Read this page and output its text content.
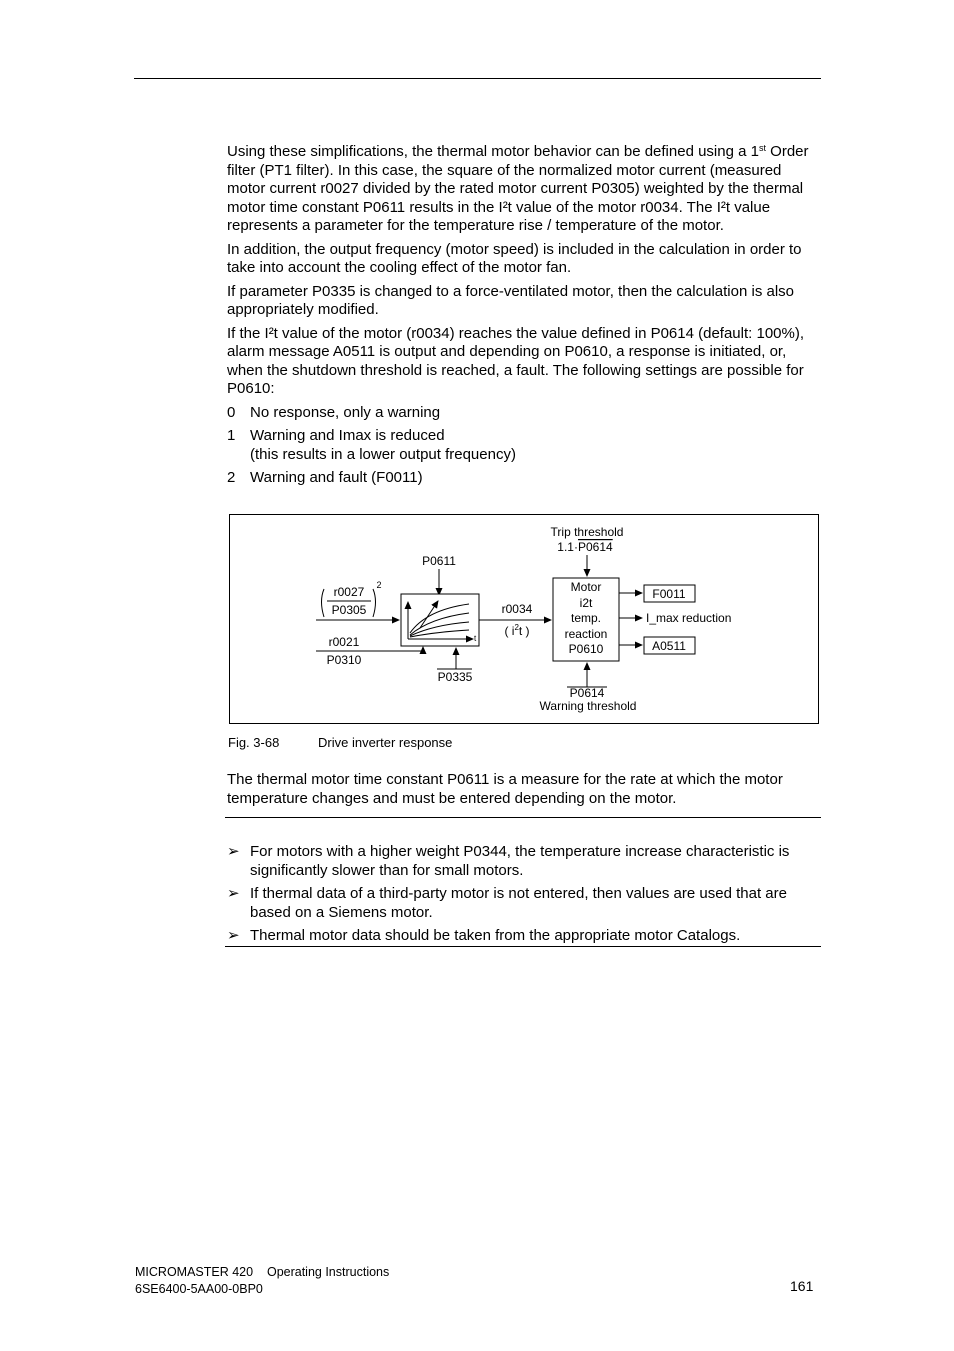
Using these simplifications, the thermal motor behavior can be defined using a 1st Order filter (PT1 filter). In this case, the square of the normalized motor current (measured motor current r0027 divided by the rated motor current P0305) weighted by the thermal motor time constant P0611 results in the I²t value of the motor r0034. The I²t value represents a parameter for the temperature rise / temperature of the motor.

In addition, the output frequency (motor speed) is included in the calculation in order to take into account the cooling effect of the motor fan.

If parameter P0335 is changed to a force-ventilated motor, then the calculation is also appropriately modified.

If the I²t value of the motor (r0034) reaches the value defined in P0614 (default: 100%), alarm message A0511 is output and depending on P0610, a response is initiated, or, when the shutdown threshold is reached, a fault. The following settings are possible for P0610:

0 No response, only a warning
1 Warning and Imax is reduced
(this results in a lower output frequency)
2 Warning and fault (F0011)
Trip threshold
1.1·P0614
P0611
r0027
P0305
2
r0021
P0310
t
P0335
r0034
( $i^2t$ )
Motor
i2t
temp.
reaction
P0610
F0011
I_max reduction
A0511
P0614
Warning threshold
Fig. 3-68	Drive inverter response
The thermal motor time constant P0611 is a measure for the rate at which the motor temperature changes and must be entered depending on the motor.
➢ For motors with a higher weight P0344, the temperature increase characteristic is significantly slower than for small motors.
➢ If thermal data of a third-party motor is not entered, then values are used that are based on a Siemens motor.
➢ Thermal motor data should be taken from the appropriate motor Catalogs.
MICROMASTER 420    Operating Instructions
6SE6400-5AA00-0BP0	161
